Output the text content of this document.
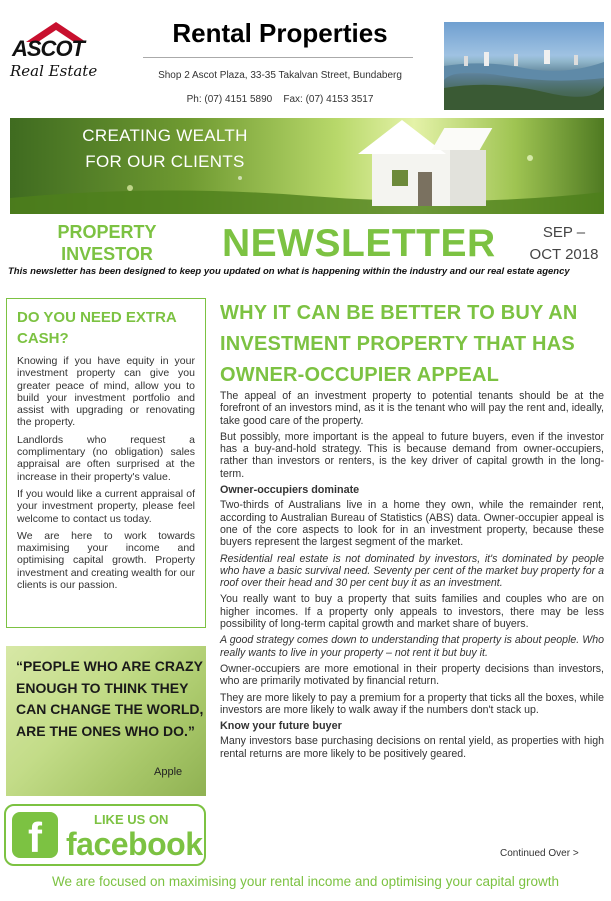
ASCOT
Real Estate
Rental Properties
Shop 2 Ascot Plaza, 33-35 Takalvan Street, Bundaberg
Ph: (07) 4151 5890 Fax: (07) 4153 3517
CREATING WEALTH
FOR OUR CLIENTS
PROPERTY
INVESTOR	NEWSLETTER	SEP –
OCT 2018
This newsletter has been designed to keep you updated on what is happening within the industry and our real estate agency
DO YOU NEED EXTRA CASH?

Knowing if you have equity in your investment property can give you greater peace of mind, allow you to build your investment portfolio and assist with upgrading or renovating the property.

Landlords who request a complimentary (no obligation) sales appraisal are often surprised at the increase in their property's value.

If you would like a current appraisal of your investment property, please feel welcome to contact us today.

We are here to work towards maximising your income and optimising capital growth. Property investment and creating wealth for our clients is our passion.

“PEOPLE WHO ARE CRAZY ENOUGH TO THINK THEY CAN CHANGE THE WORLD, ARE THE ONES WHO DO.”
Apple
f	LIKE US ON
facebook
WHY IT CAN BE BETTER TO BUY AN INVESTMENT PROPERTY THAT HAS OWNER-OCCUPIER APPEAL

The appeal of an investment property to potential tenants should be at the forefront of an investors mind, as it is the tenant who will pay the rent and, ideally, take good care of the property.

But possibly, more important is the appeal to future buyers, even if the investor has a buy-and-hold strategy. This is because demand from owner-occupiers, rather than investors or renters, is the key driver of capital growth in the long-term.

Owner-occupiers dominate

Two-thirds of Australians live in a home they own, while the remainder rent, according to Australian Bureau of Statistics (ABS) data. Owner-occupier appeal is one of the core aspects to look for in an investment property, because these buyers represent the largest segment of the market.

Residential real estate is not dominated by investors, it's dominated by people who have a basic survival need. Seventy per cent of the market buy property for a roof over their head and 30 per cent buy it as an investment.

You really want to buy a property that suits families and couples who are on higher incomes. If a property only appeals to investors, there may be less possibility of long-term capital growth and market share of buyers.

A good strategy comes down to understanding that property is about people. Who really wants to live in your property – not rent it but buy it.

Owner-occupiers are more emotional in their property decisions than investors, who are primarily motivated by financial return.

They are more likely to pay a premium for a property that ticks all the boxes, while investors are more likely to walk away if the numbers don't stack up.

Know your future buyer

Many investors base purchasing decisions on rental yield, as properties with high rental returns are more likely to be positively geared.

Continued Over >
We are focused on maximising your rental income and optimising your capital growth
